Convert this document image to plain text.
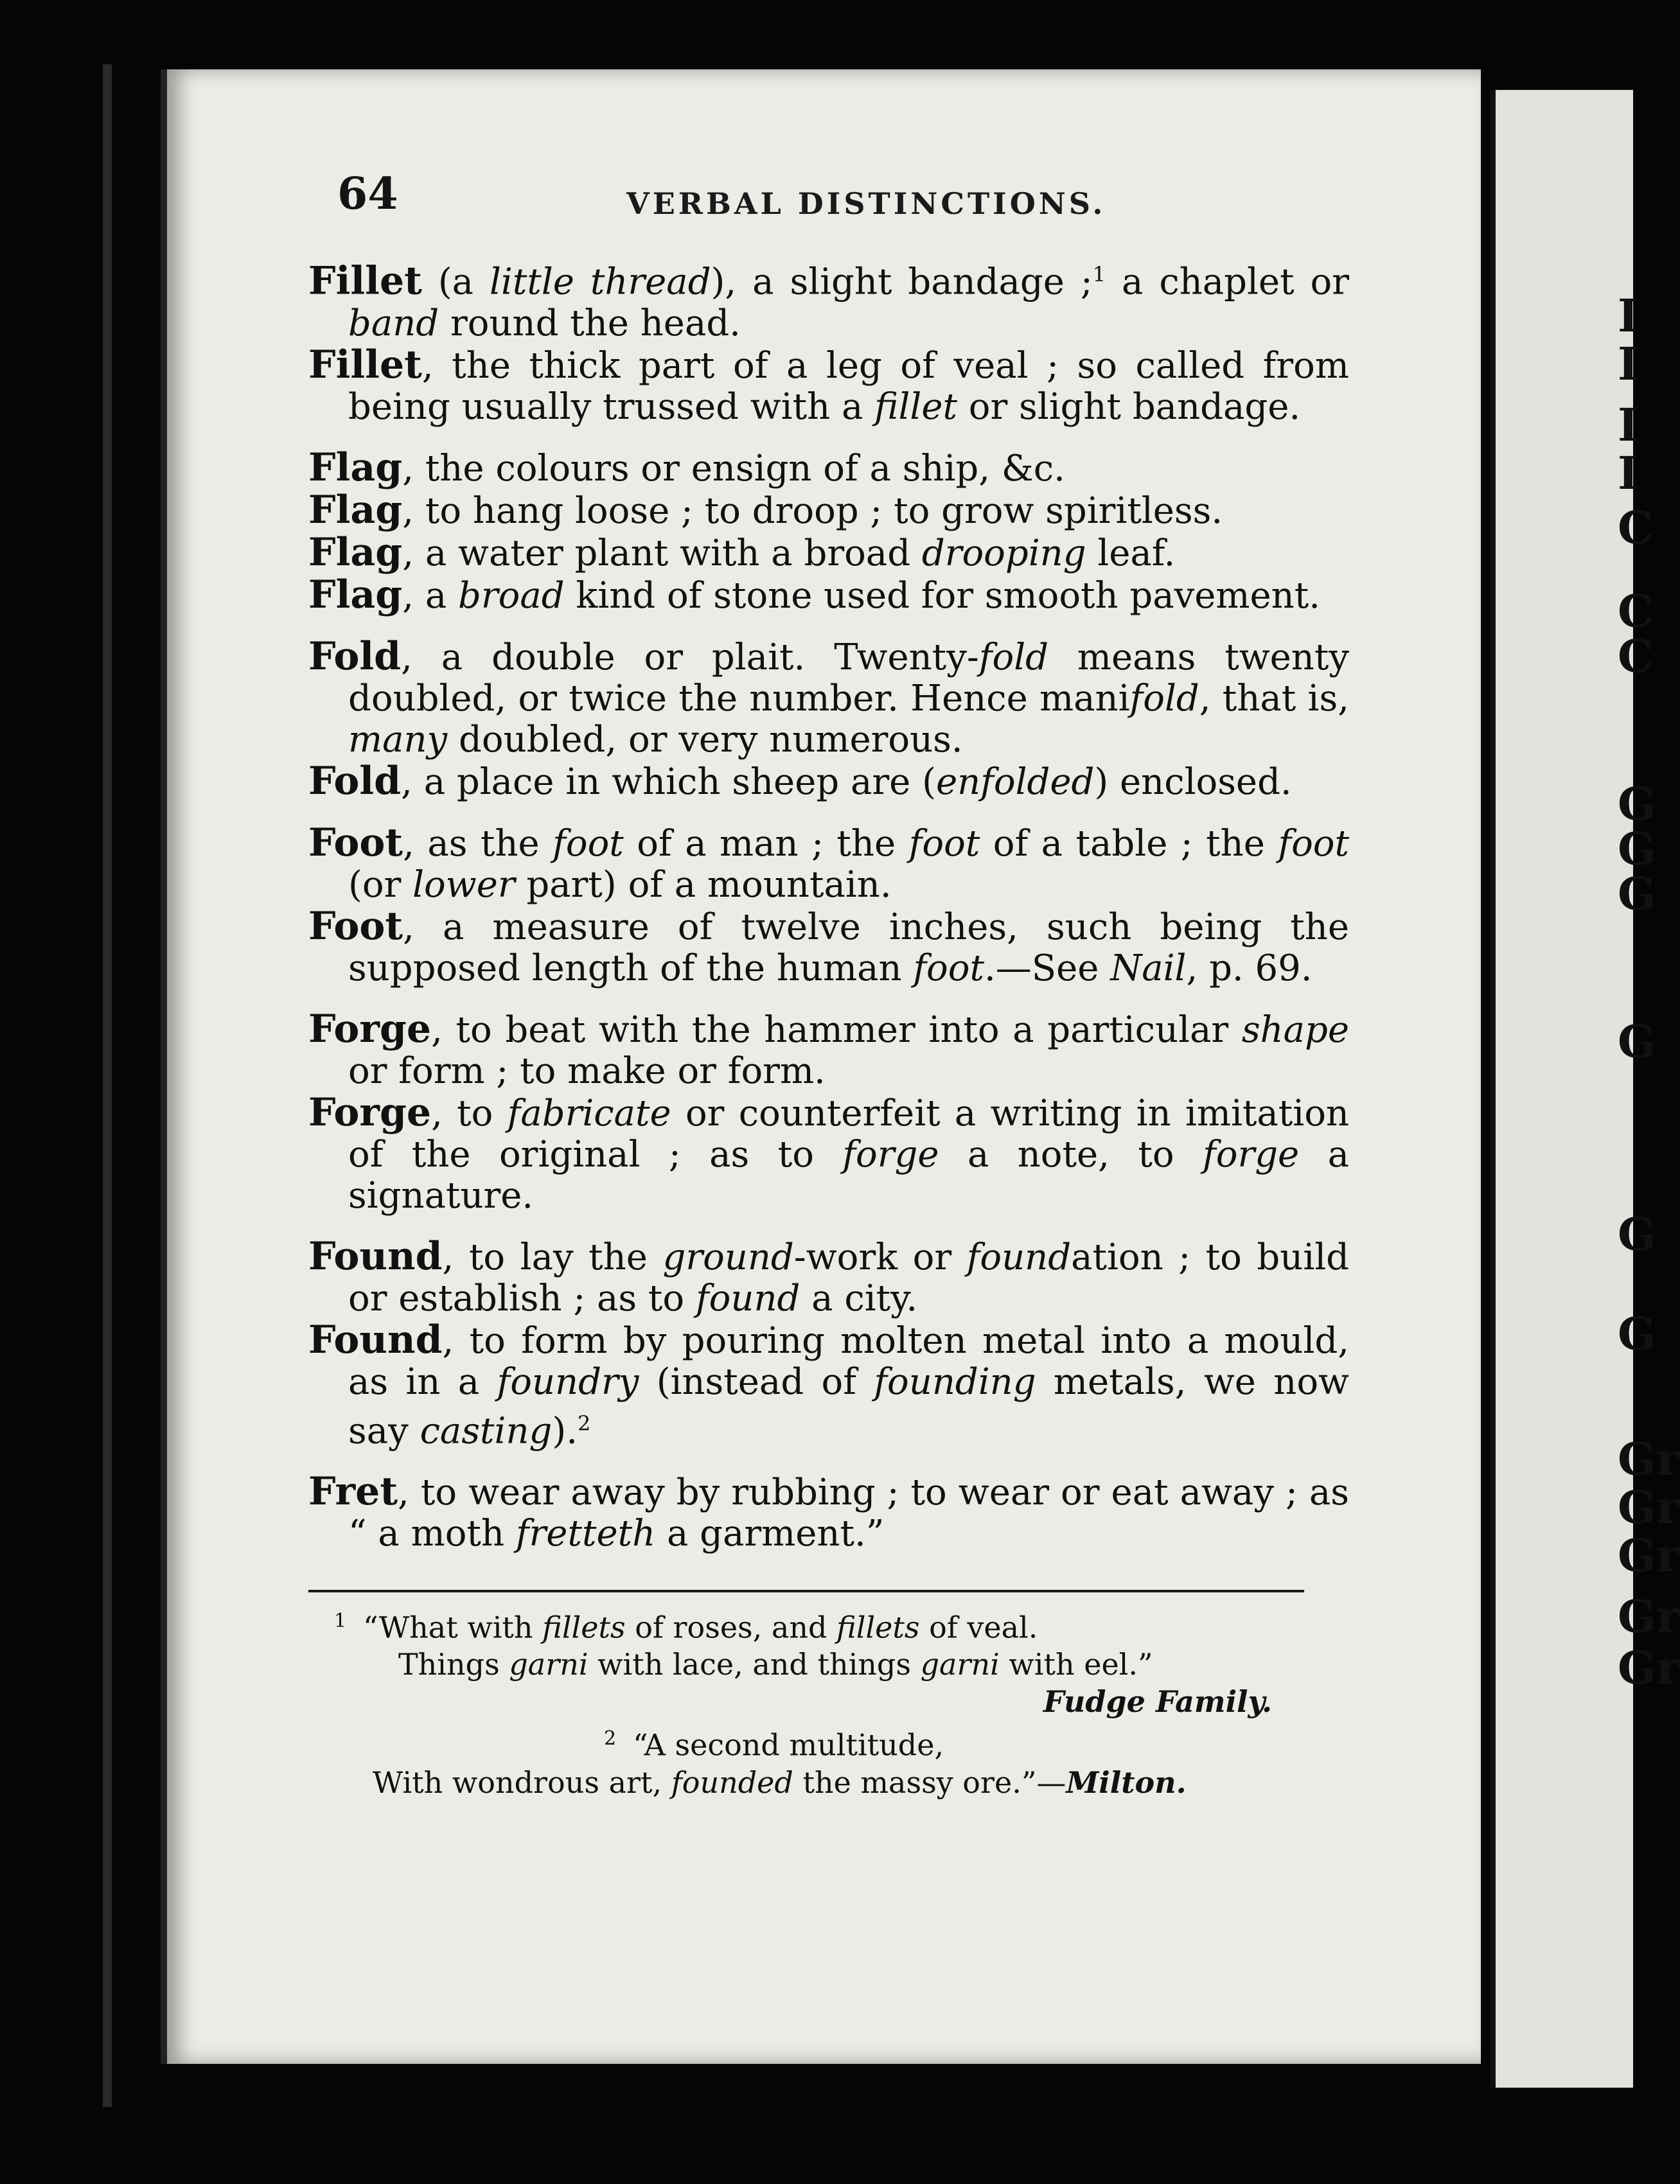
I
I
I
I
C
C
C
G
G
G
G
G
G
Gr
Gr
Gr
Gr
Gr
64	VERBAL DISTINCTIONS.

Fillet (a little thread), a slight bandage ;$^1$ a chaplet or band round the head.

Fillet, the thick part of a leg of veal ; so called from being usually trussed with a fillet or slight bandage.

Flag, the colours or ensign of a ship, &c.

Flag, to hang loose ; to droop ; to grow spiritless.

Flag, a water plant with a broad drooping leaf.

Flag, a broad kind of stone used for smooth pavement.

Fold, a double or plait. Twenty-fold means twenty doubled, or twice the number. Hence manifold, that is, many doubled, or very numerous.

Fold, a place in which sheep are (enfolded) enclosed.

Foot, as the foot of a man ; the foot of a table ; the foot (or lower part) of a mountain.

Foot, a measure of twelve inches, such being the supposed length of the human foot.—See Nail, p. 69.

Forge, to beat with the hammer into a particular shape or form ; to make or form.

Forge, to fabricate or counterfeit a writing in imitation of the original ; as to forge a note, to forge a signature.

Found, to lay the ground-work or foundation ; to build or establish ; as to found a city.

Found, to form by pouring molten metal into a mould, as in a foundry (instead of founding metals, we now say casting).$^2$

Fret, to wear away by rubbing ; to wear or eat away ; as “ a moth fretteth a garment.”

$^1$ “What with fillets of roses, and fillets of veal.

Things garni with lace, and things garni with eel.”

Fudge Family.

$^2$ “A second multitude,

With wondrous art, founded the massy ore.”—Milton.
